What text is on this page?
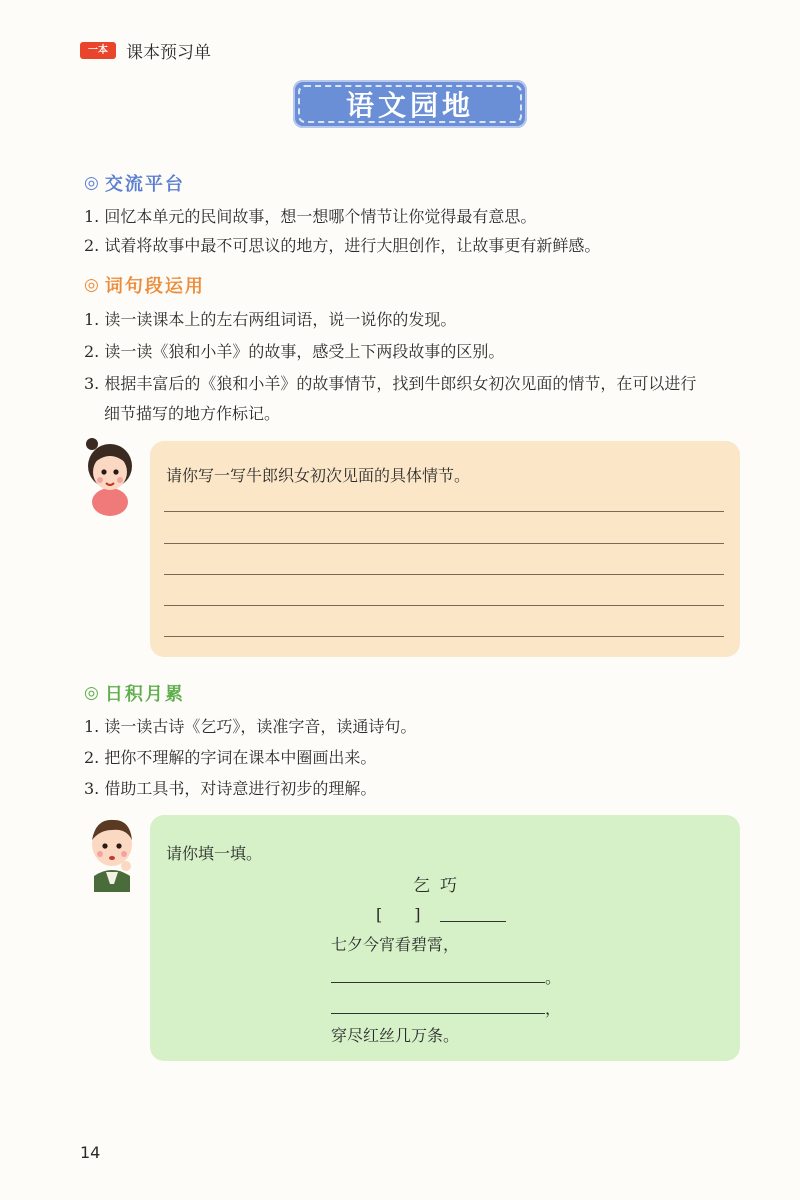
一本	课本预习单
语文园地
◎ 交流平台
1. 回忆本单元的民间故事，想一想哪个情节让你觉得最有意思。
2. 试着将故事中最不可思议的地方，进行大胆创作，让故事更有新鲜感。
◎ 词句段运用
1. 读一读课本上的左右两组词语，说一说你的发现。
2. 读一读《狼和小羊》的故事，感受上下两段故事的区别。
3. 根据丰富后的《狼和小羊》的故事情节，找到牛郎织女初次见面的情节，在可以进行
细节描写的地方作标记。
请你写一写牛郎织女初次见面的具体情节。
◎ 日积月累
1. 读一读古诗《乞巧》，读准字音，读通诗句。
2. 把你不理解的字词在课本中圈画出来。
3. 借助工具书，对诗意进行初步的理解。
请你填一填。
乞巧
[　　]
七夕今宵看碧霄，
。
，
穿尽红丝几万条。
14
